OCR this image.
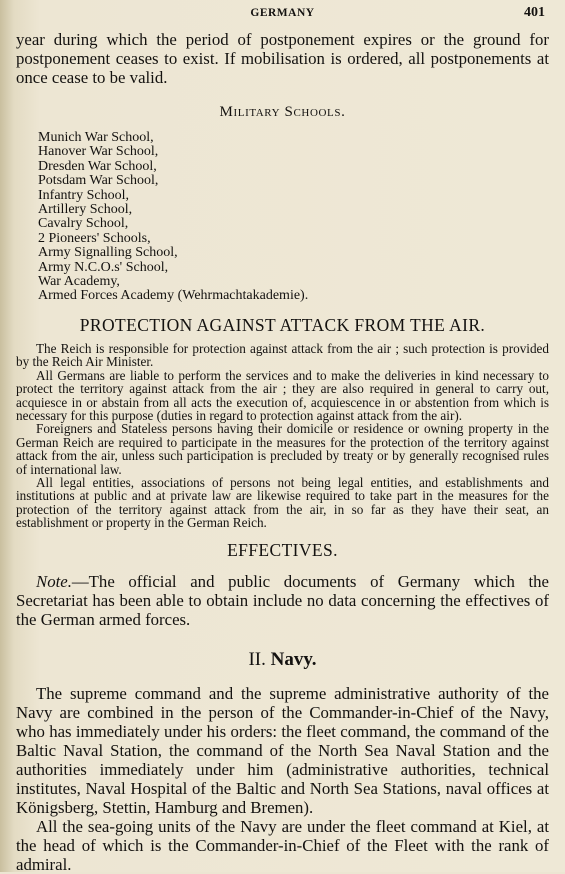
GERMANY	401

year during which the period of postponement expires or the ground for postponement ceases to exist. If mobilisation is ordered, all postponements at once cease to be valid.

Military Schools.
Munich War School,
Hanover War School,
Dresden War School,
Potsdam War School,
Infantry School,
Artillery School,
Cavalry School,
2 Pioneers' Schools,
Army Signalling School,
Army N.C.O.s' School,
War Academy,
Armed Forces Academy (Wehrmachtakademie).
PROTECTION AGAINST ATTACK FROM THE AIR.

The Reich is responsible for protection against attack from the air ; such protection is provided by the Reich Air Minister.

All Germans are liable to perform the services and to make the deliveries in kind necessary to protect the territory against attack from the air ; they are also required in general to carry out, acquiesce in or abstain from all acts the execution of, acquiescence in or abstention from which is necessary for this purpose (duties in regard to protection against attack from the air).

Foreigners and Stateless persons having their domicile or residence or owning property in the German Reich are required to participate in the measures for the protection of the territory against attack from the air, unless such participation is precluded by treaty or by generally recognised rules of international law.

All legal entities, associations of persons not being legal entities, and establishments and institutions at public and at private law are likewise required to take part in the measures for the protection of the territory against attack from the air, in so far as they have their seat, an establishment or property in the German Reich.

EFFECTIVES.

Note.—The official and public documents of Germany which the Secretariat has been able to obtain include no data concerning the effectives of the German armed forces.

II. Navy.

The supreme command and the supreme administrative authority of the Navy are combined in the person of the Commander-in-Chief of the Navy, who has immediately under his orders: the fleet command, the command of the Baltic Naval Station, the command of the North Sea Naval Station and the authorities immediately under him (administrative authorities, technical institutes, Naval Hospital of the Baltic and North Sea Stations, naval offices at Königsberg, Stettin, Hamburg and Bremen).

All the sea-going units of the Navy are under the fleet command at Kiel, at the head of which is the Commander-in-Chief of the Fleet with the rank of admiral.
